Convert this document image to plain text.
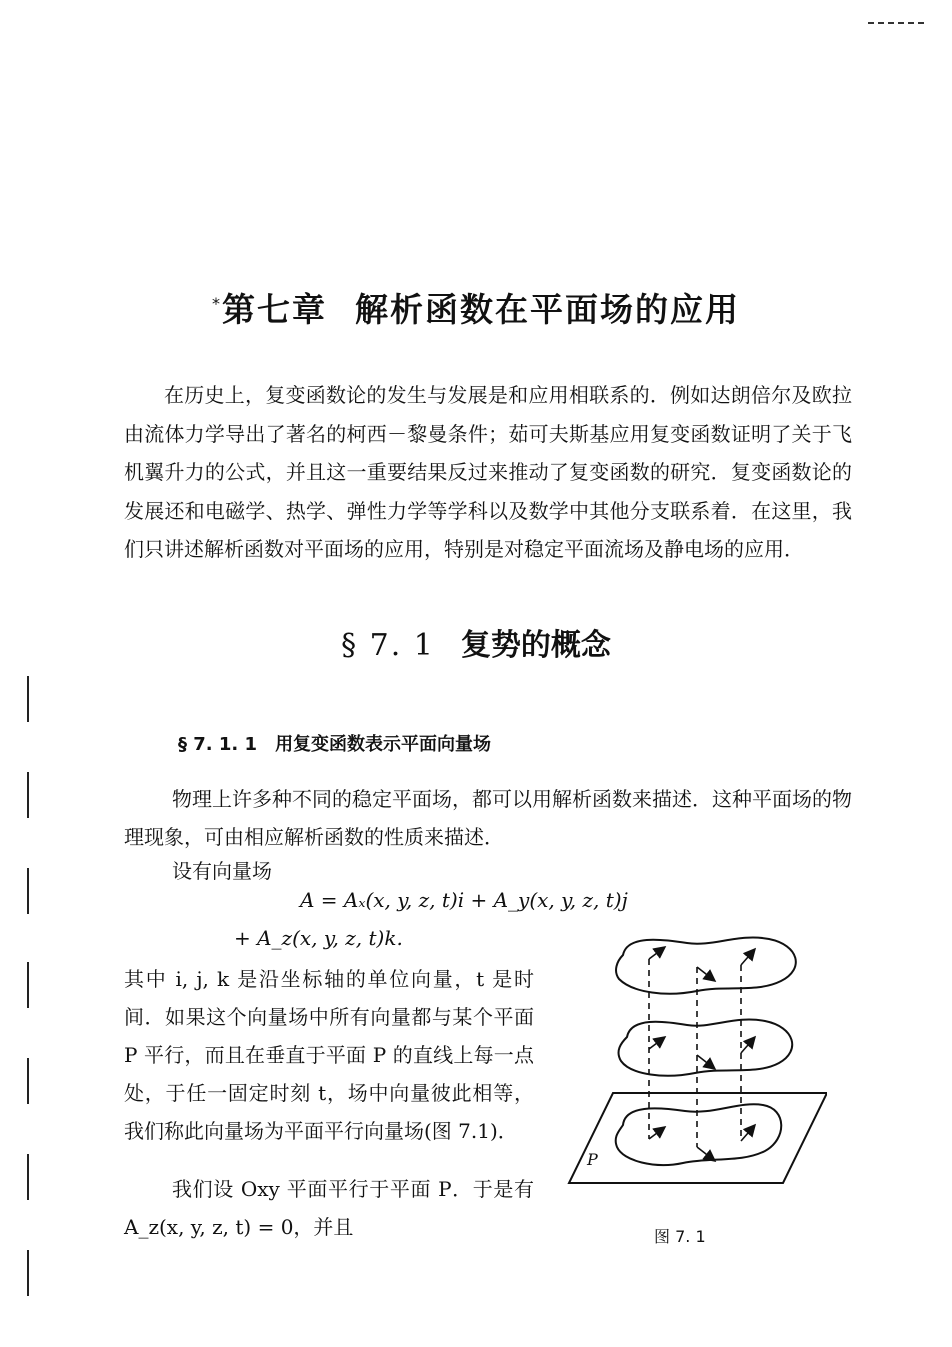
*第七章 解析函数在平面场的应用

在历史上，复变函数论的发生与发展是和应用相联系的．例如达朗倍尔及欧拉由流体力学导出了著名的柯西－黎曼条件；茹可夫斯基应用复变函数证明了关于飞机翼升力的公式，并且这一重要结果反过来推动了复变函数的研究．复变函数论的发展还和电磁学、热学、弹性力学等学科以及数学中其他分支联系着．在这里，我们只讲述解析函数对平面场的应用，特别是对稳定平面流场及静电场的应用．

§ 7. 1 复势的概念
§ 7. 1. 1 用复变函数表示平面向量场

物理上许多种不同的稳定平面场，都可以用解析函数来描述．这种平面场的物理现象，可由相应解析函数的性质来描述．

设有向量场

A = Aₓ(x, y, z, t)i + A_y(x, y, z, t)j
+ A_z(x, y, z, t)k.

其中 i, j, k 是沿坐标轴的单位向量，t 是时间．如果这个向量场中所有向量都与某个平面 P 平行，而且在垂直于平面 P 的直线上每一点处，于任一固定时刻 t，场中向量彼此相等，我们称此向量场为平面平行向量场(图 7.1)．

我们设 Oxy 平面平行于平面 P．于是有 A_z(x, y, z, t) = 0，并且

P
图 7. 1
